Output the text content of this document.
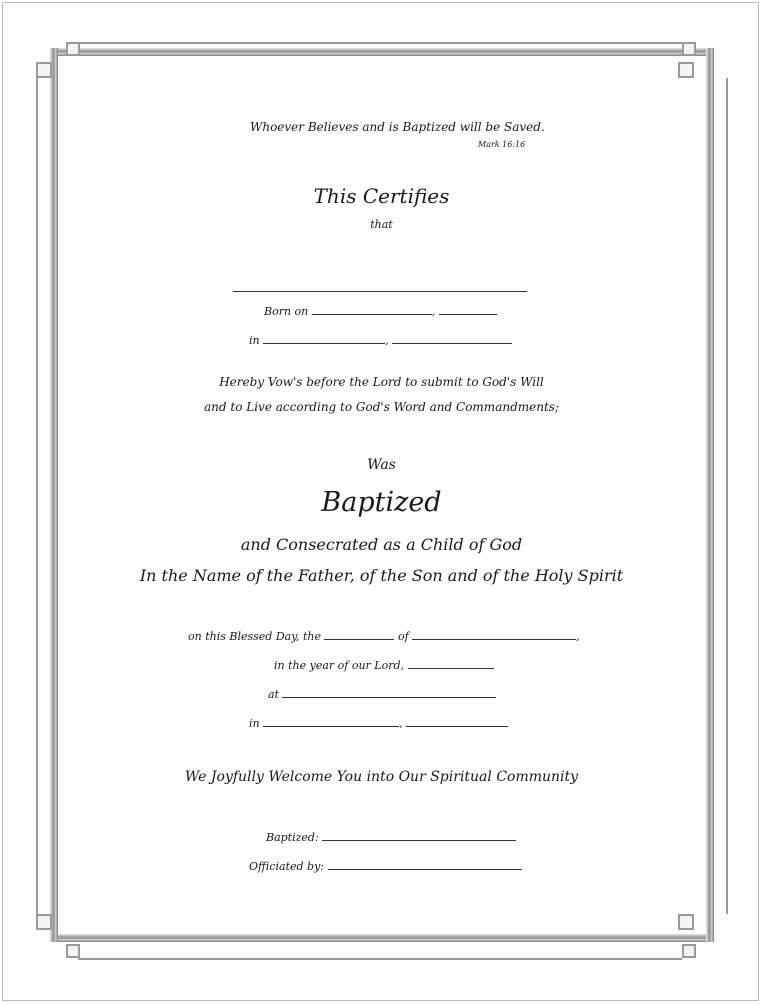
Whoever Believes and is Baptized will be Saved.
Mark 16:16
This Certifies
that
Born on	,
in	,
Hereby Vow's before the Lord to submit to God's Will
and to Live according to God's Word and Commandments;
Was
Baptized
and Consecrated as a Child of God
In the Name of the Father, of the Son and of the Holy Spirit
on this Blessed Day, the	of	,
in the year of our Lord,
at
in	,
We Joyfully Welcome You into Our Spiritual Community
Baptized:
Officiated by:
